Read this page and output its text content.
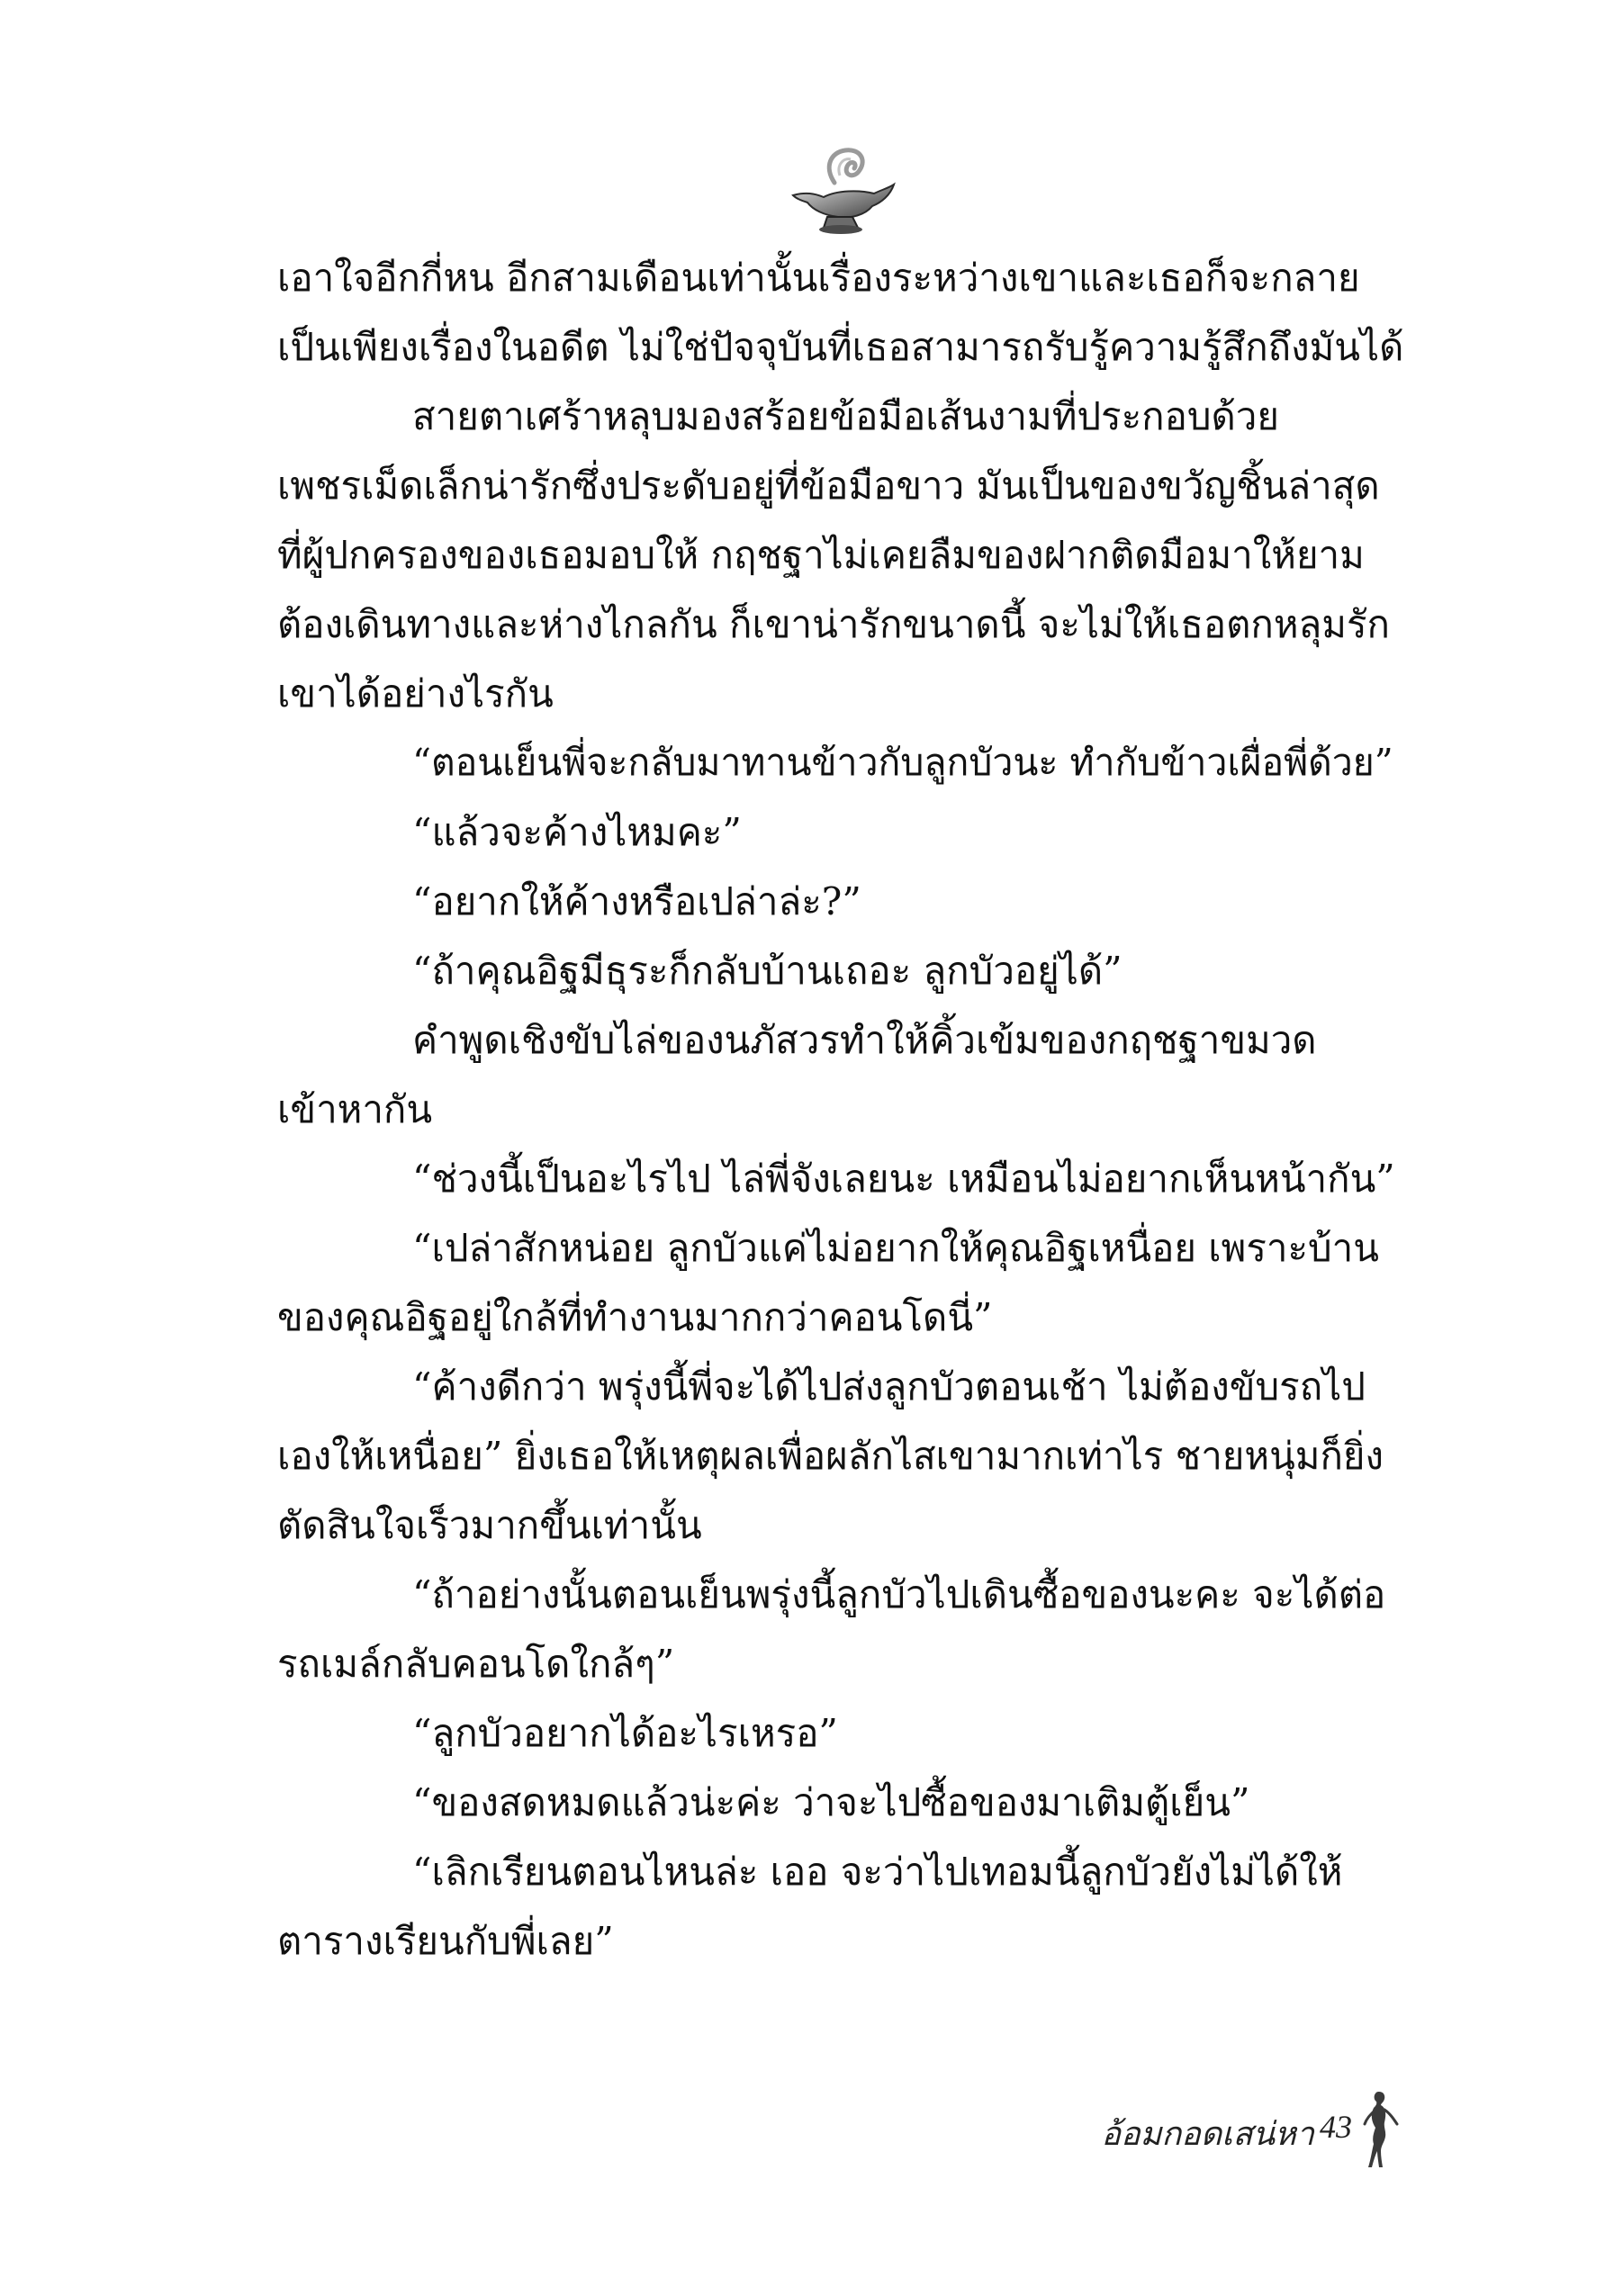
เอาใจอีกกี่หน อีกสามเดือนเท่านั้นเรื่องระหว่างเขาและเธอก็จะกลาย
เป็นเพียงเรื่องในอดีต ไม่ใช่ปัจจุบันที่เธอสามารถรับรู้ความรู้สึกถึงมันได้
สายตาเศร้าหลุบมองสร้อยข้อมือเส้นงามที่ประกอบด้วย
เพชรเม็ดเล็กน่ารักซึ่งประดับอยู่ที่ข้อมือขาว มันเป็นของขวัญชิ้นล่าสุด
ที่ผู้ปกครองของเธอมอบให้ กฤชฐาไม่เคยลืมของฝากติดมือมาให้ยาม
ต้องเดินทางและห่างไกลกัน ก็เขาน่ารักขนาดนี้ จะไม่ให้เธอตกหลุมรัก
เขาได้อย่างไรกัน
“ตอนเย็นพี่จะกลับมาทานข้าวกับลูกบัวนะ ทำกับข้าวเผื่อพี่ด้วย”
“แล้วจะค้างไหมคะ”
“อยากให้ค้างหรือเปล่าล่ะ?”
“ถ้าคุณอิฐมีธุระก็กลับบ้านเถอะ ลูกบัวอยู่ได้”
คำพูดเชิงขับไล่ของนภัสวรทำให้คิ้วเข้มของกฤชฐาขมวด
เข้าหากัน
“ช่วงนี้เป็นอะไรไป ไล่พี่จังเลยนะ เหมือนไม่อยากเห็นหน้ากัน”
“เปล่าสักหน่อย ลูกบัวแค่ไม่อยากให้คุณอิฐเหนื่อย เพราะบ้าน
ของคุณอิฐอยู่ใกล้ที่ทำงานมากกว่าคอนโดนี่”
“ค้างดีกว่า พรุ่งนี้พี่จะได้ไปส่งลูกบัวตอนเช้า ไม่ต้องขับรถไป
เองให้เหนื่อย” ยิ่งเธอให้เหตุผลเพื่อผลักไสเขามากเท่าไร ชายหนุ่มก็ยิ่ง
ตัดสินใจเร็วมากขึ้นเท่านั้น
“ถ้าอย่างนั้นตอนเย็นพรุ่งนี้ลูกบัวไปเดินซื้อของนะคะ จะได้ต่อ
รถเมล์กลับคอนโดใกล้ๆ”
“ลูกบัวอยากได้อะไรเหรอ”
“ของสดหมดแล้วน่ะค่ะ ว่าจะไปซื้อของมาเติมตู้เย็น”
“เลิกเรียนตอนไหนล่ะ เออ จะว่าไปเทอมนี้ลูกบัวยังไม่ได้ให้
ตารางเรียนกับพี่เลย”
อ้อมกอดเสน่หา 43
